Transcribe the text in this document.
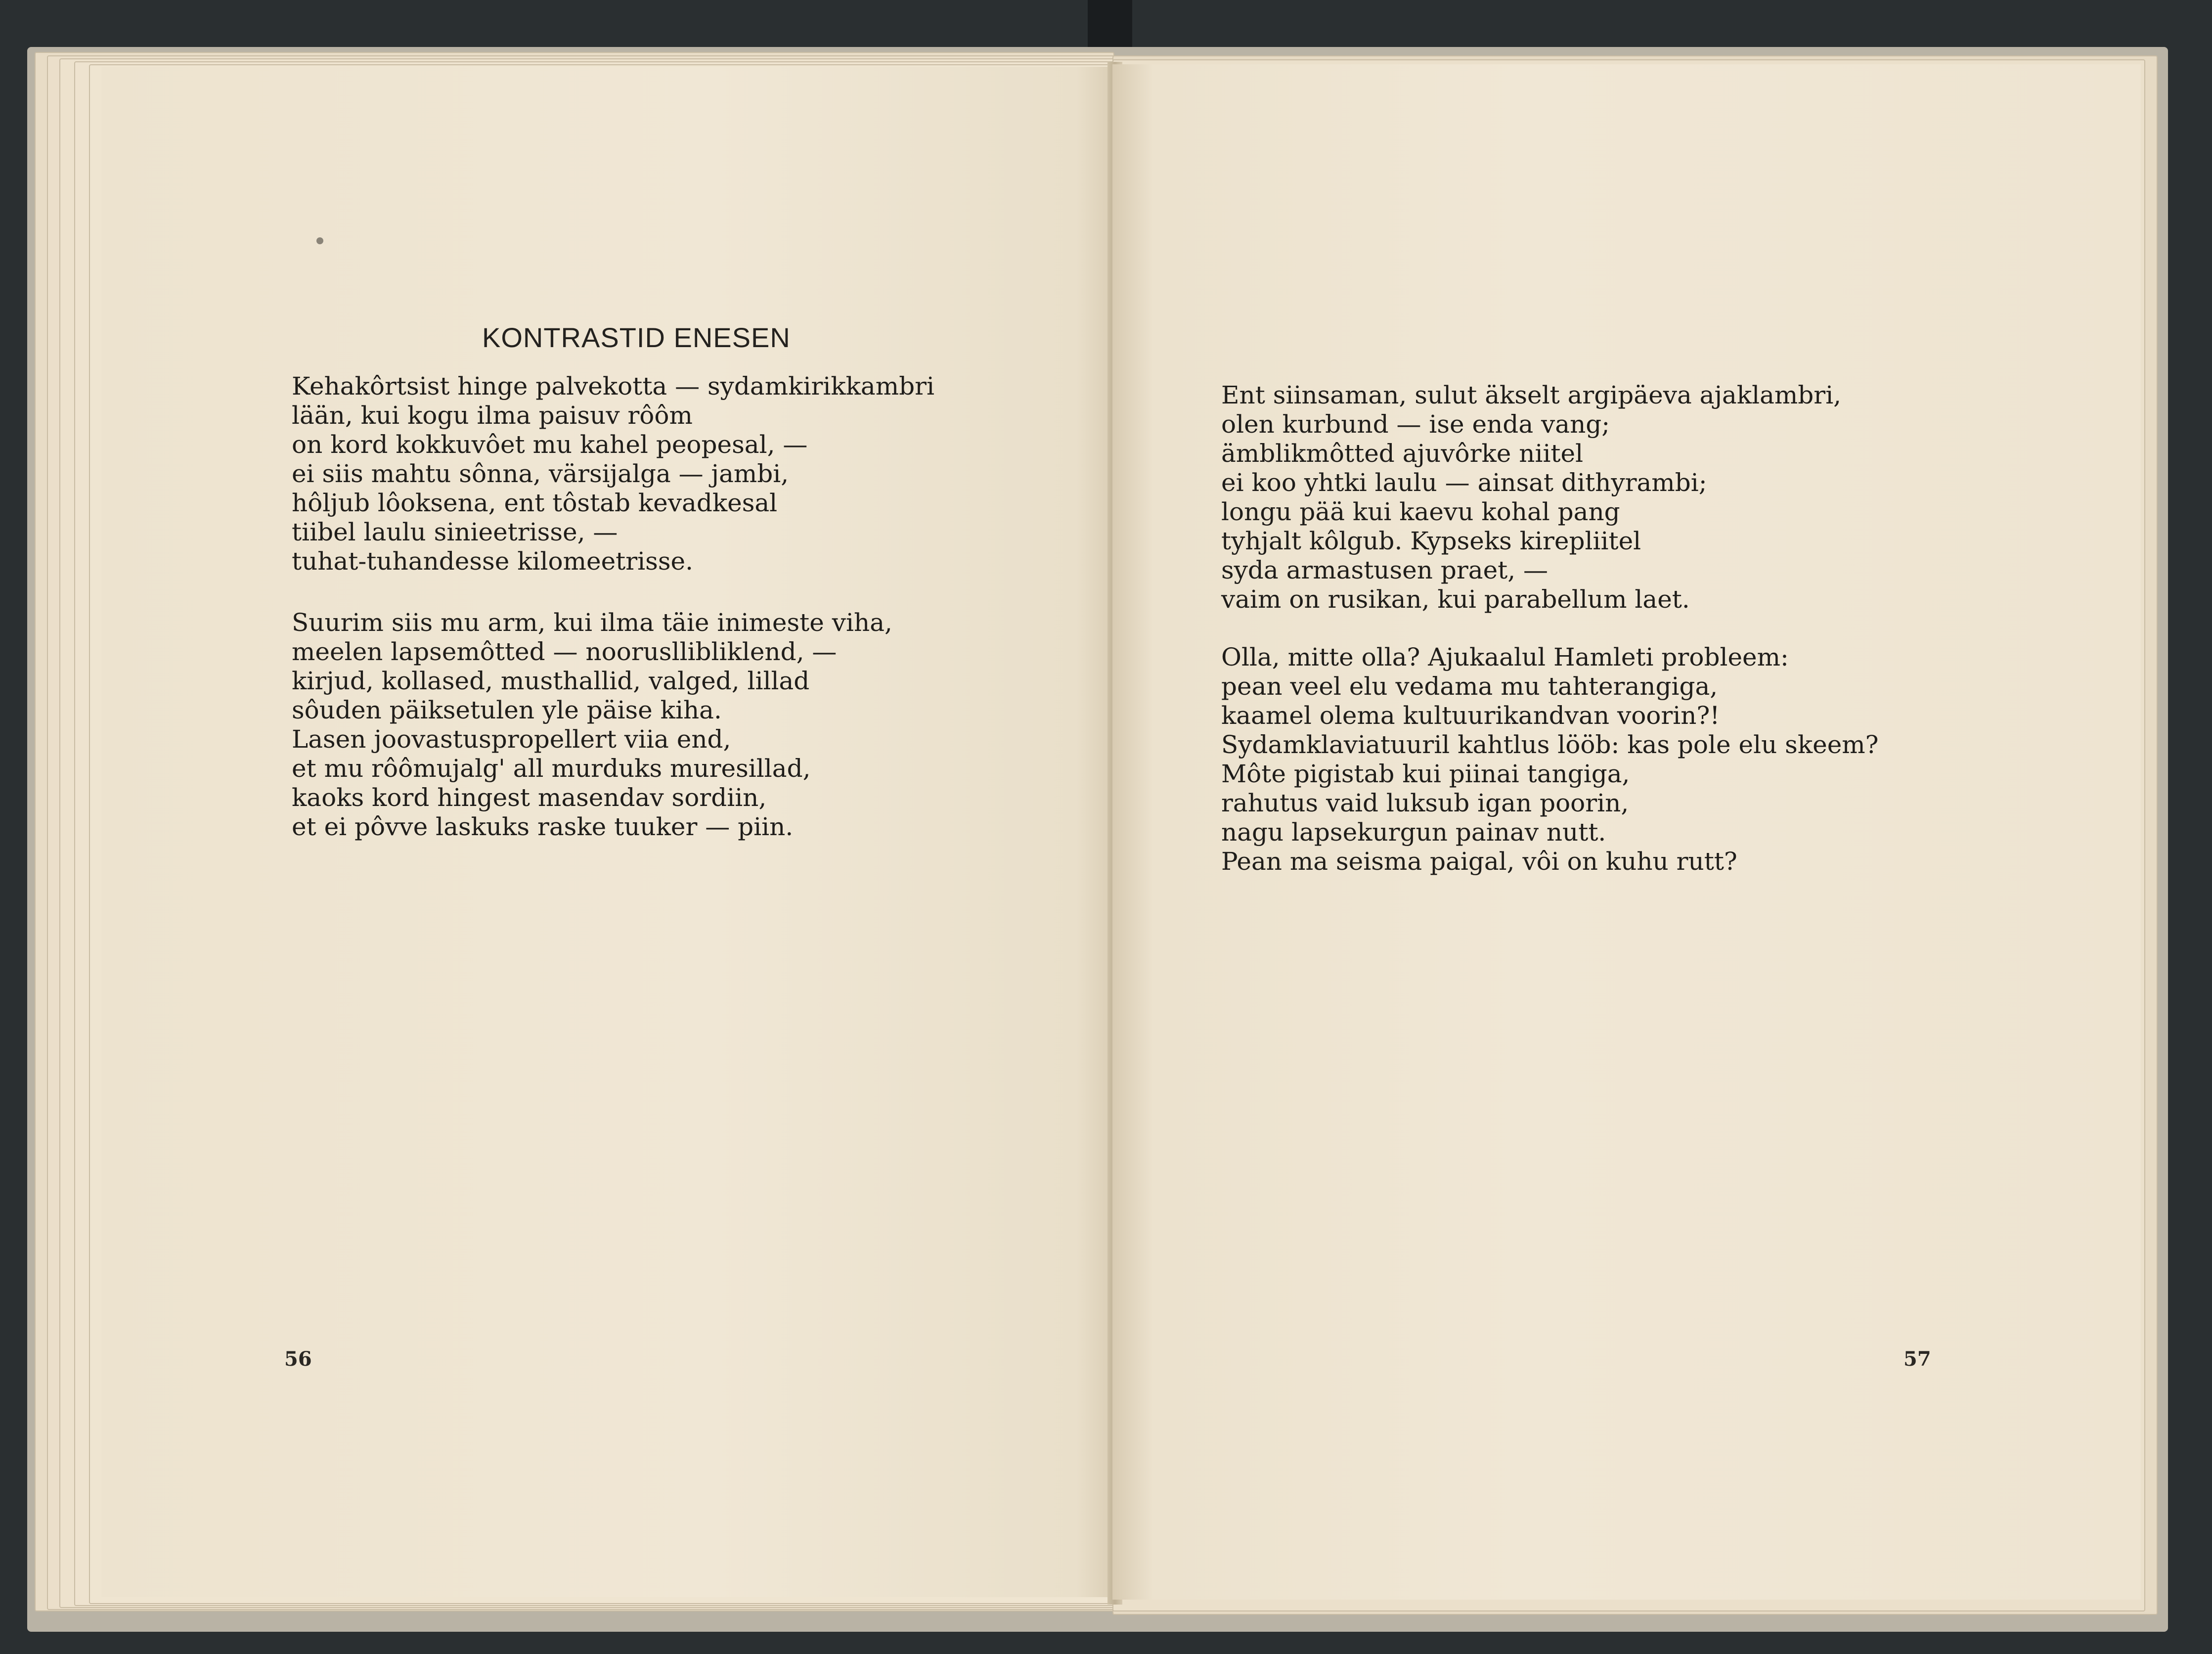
KONTRASTID ENESEN
Kehakôrtsist hinge palvekotta — sydamkirikkambri
lään, kui kogu ilma paisuv rôôm
on kord kokkuvôet mu kahel peopesal, —
ei siis mahtu sônna, värsijalga — jambi,
hôljub lôoksena, ent tôstab kevadkesal
tiibel laulu sinieetrisse, —
tuhat-tuhandesse kilomeetrisse.
Suurim siis mu arm, kui ilma täie inimeste viha,
meelen lapsemôtted — noorusllibliklend, —
kirjud, kollased, musthallid, valged, lillad
sôuden päiksetulen yle päise kiha.
Lasen joovastuspropellert viia end,
et mu rôômujalg' all murduks muresillad,
kaoks kord hingest masendav sordiin,
et ei pôvve laskuks raske tuuker — piin.
56
Ent siinsaman, sulut äkselt argipäeva ajaklambri,
olen kurbund — ise enda vang;
ämblikmôtted ajuvôrke niitel
ei koo yhtki laulu — ainsat dithyrambi;
longu pää kui kaevu kohal pang
tyhjalt kôlgub. Kypseks kirepliitel
syda armastusen praet, —
vaim on rusikan, kui parabellum laet.
Olla, mitte olla? Ajukaalul Hamleti probleem:
pean veel elu vedama mu tahterangiga,
kaamel olema kultuurikandvan voorin?!
Sydamklaviatuuril kahtlus lööb: kas pole elu skeem?
Môte pigistab kui piinai tangiga,
rahutus vaid luksub igan poorin,
nagu lapsekurgun painav nutt.
Pean ma seisma paigal, vôi on kuhu rutt?
57
